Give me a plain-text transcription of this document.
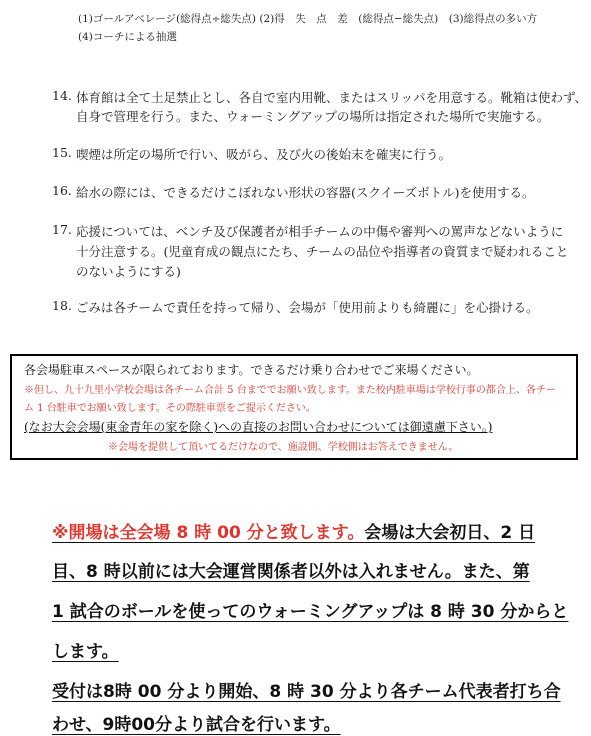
(1)ゴールアベレージ(総得点÷総失点) (2)得　失　点　差　(総得点−総失点)　(3)総得点の多い方
(4)コーチによる抽選
14. 体育館は全て土足禁止とし、各自で室内用靴、またはスリッパを用意する。靴箱は使わず、
自身で管理を行う。また、ウォーミングアップの場所は指定された場所で実施する。
15. 喫煙は所定の場所で行い、吸がら、及び火の後始末を確実に行う。
16. 給水の際には、できるだけこぼれない形状の容器(スクイーズボトル)を使用する。
17. 応援については、ベンチ及び保護者が相手チームの中傷や審判への罵声などないように
十分注意する。(児童育成の観点にたち、チームの品位や指導者の資質まで疑われること
のないようにする)
18. ごみは各チームで責任を持って帰り、会場が「使用前よりも綺麗に」を心掛ける。
各会場駐車スペースが限られております。できるだけ乗り合わせでご来場ください。
※但し、九十九里小学校会場は各チーム合計 5 台まででお願い致します。また校内駐車場は学校行事の都合上、各チー
ム 1 台駐車でお願い致します。その際駐車票をご提示ください。
(なお大会会場(東金青年の家を除く)への直接のお問い合わせについては御遠慮下さい。)
※会場を提供して頂いてるだけなので、施設側、学校側はお答えできません。
※開場は全会場 8 時 00 分と致します。会場は大会初日、2 日
目、8 時以前には大会運営関係者以外は入れません。また、第
1 試合のボールを使ってのウォーミングアップは 8 時 30 分からと
します。
受付は8時 00 分より開始、8 時 30 分より各チーム代表者打ち合
わせ、9時00分より試合を行います。
